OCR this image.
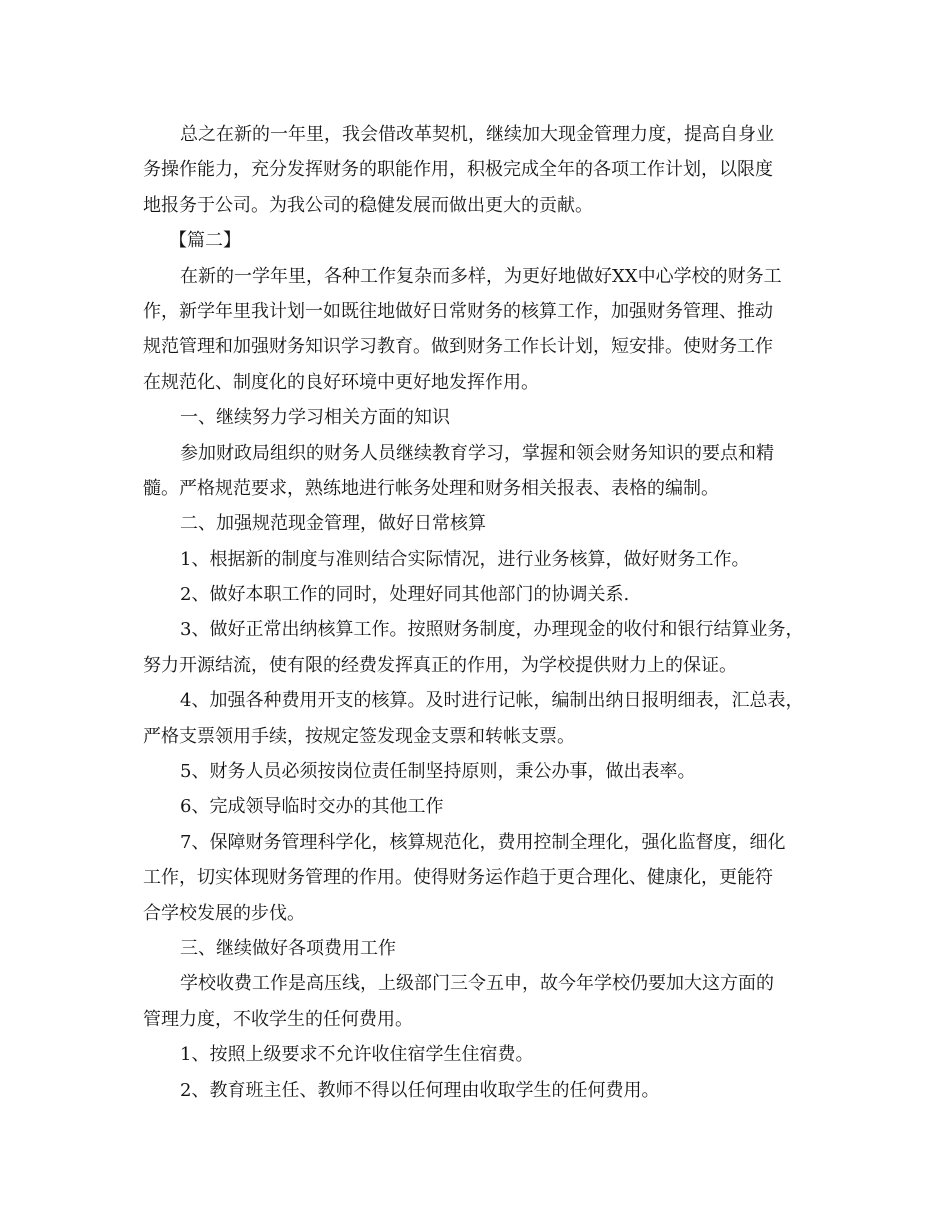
总之在新的一年里，我会借改革契机，继续加大现金管理力度，提高自身业
务操作能力，充分发挥财务的职能作用，积极完成全年的各项工作计划，以限度
地报务于公司。为我公司的稳健发展而做出更大的贡献。
【篇二】
在新的一学年里，各种工作复杂而多样，为更好地做好XX中心学校的财务工
作，新学年里我计划一如既往地做好日常财务的核算工作，加强财务管理、推动
规范管理和加强财务知识学习教育。做到财务工作长计划，短安排。使财务工作
在规范化、制度化的良好环境中更好地发挥作用。
一、继续努力学习相关方面的知识
参加财政局组织的财务人员继续教育学习，掌握和领会财务知识的要点和精
髓。严格规范要求，熟练地进行帐务处理和财务相关报表、表格的编制。
二、加强规范现金管理，做好日常核算
1、根据新的制度与准则结合实际情况，进行业务核算，做好财务工作。
2、做好本职工作的同时，处理好同其他部门的协调关系.
3、做好正常出纳核算工作。按照财务制度，办理现金的收付和银行结算业务，
努力开源结流，使有限的经费发挥真正的作用，为学校提供财力上的保证。
4、加强各种费用开支的核算。及时进行记帐，编制出纳日报明细表，汇总表，
严格支票领用手续，按规定签发现金支票和转帐支票。
5、财务人员必须按岗位责任制坚持原则，秉公办事，做出表率。
6、完成领导临时交办的其他工作
7、保障财务管理科学化，核算规范化，费用控制全理化，强化监督度，细化
工作，切实体现财务管理的作用。使得财务运作趋于更合理化、健康化，更能符
合学校发展的步伐。
三、继续做好各项费用工作
学校收费工作是高压线，上级部门三令五申，故今年学校仍要加大这方面的
管理力度，不收学生的任何费用。
1、按照上级要求不允许收住宿学生住宿费。
2、教育班主任、教师不得以任何理由收取学生的任何费用。
